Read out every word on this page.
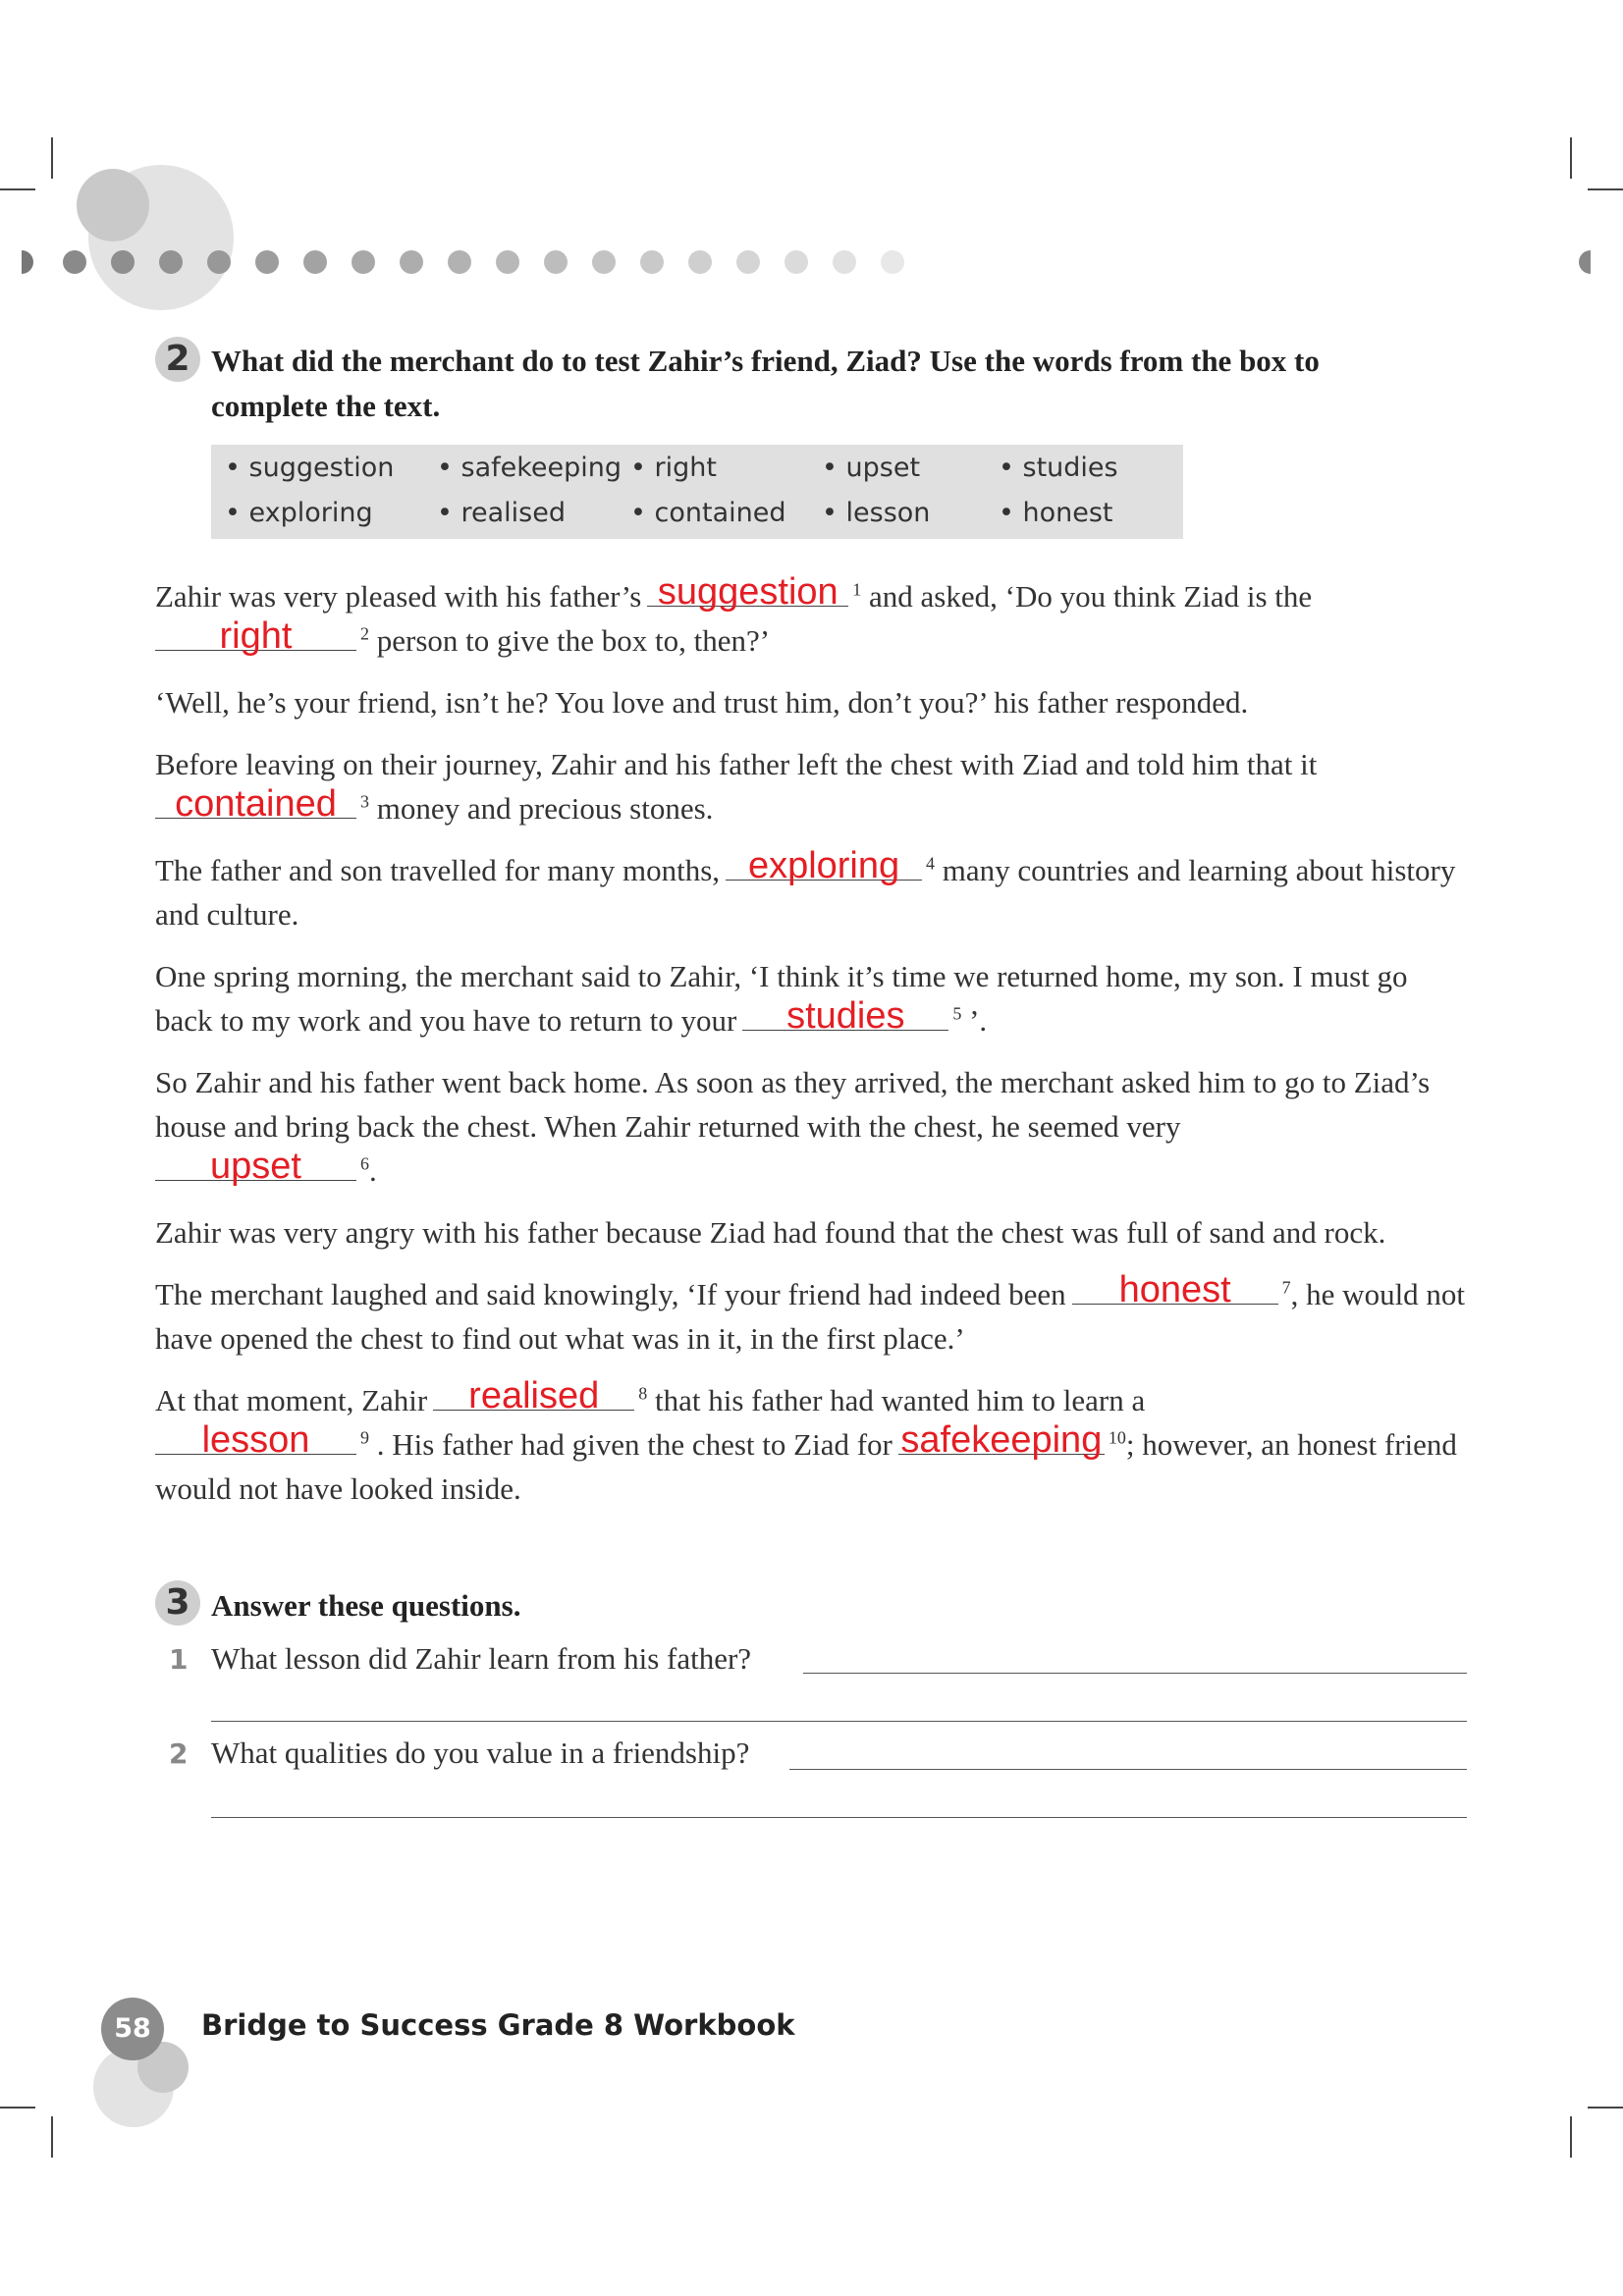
2 What did the merchant do to test Zahir’s friend, Ziad? Use the words from the box to
complete the text.
• suggestion • safekeeping • right	• upset	• studies
• exploring • realised • contained • lesson	• honest

Zahir was very pleased with his father’s suggestion $^1$ and asked, ‘Do you think Ziad is the

right	$^2$ person to give the box to, then?’

‘Well, he’s your friend, isn’t he? You love and trust him, don’t you?’ his father responded.

Before leaving on their journey, Zahir and his father left the chest with Ziad and told him that it

contained	$^3$ money and precious stones.

The father and son travelled for many months, exploring	$^4$ many countries and learning about history and culture.

One spring morning, the merchant said to Zahir, ‘I think it’s time we returned home, my son. I must go back to my work and you have to return to your	studies	$^5$ ’.

So Zahir and his father went back home. As soon as they arrived, the merchant asked him to go to Ziad’s house and bring back the chest. When Zahir returned with the chest, he seemed very

upset	$^6$.

Zahir was very angry with his father because Ziad had found that the chest was full of sand and rock.

The merchant laughed and said knowingly, ‘If your friend had indeed been	honest	$^7$, he would not have opened the chest to find out what was in it, in the first place.’

At that moment, Zahir	realised	$^8$ that his father had wanted him to learn a

lesson	$^9$ . His father had given the chest to Ziad for safekeeping $^{10}$; however, an honest friend would not have looked inside.

3 Answer these questions.
1 What lesson did Zahir learn from his father?
2 What qualities do you value in a friendship?
58	Bridge to Success Grade 8 Workbook
